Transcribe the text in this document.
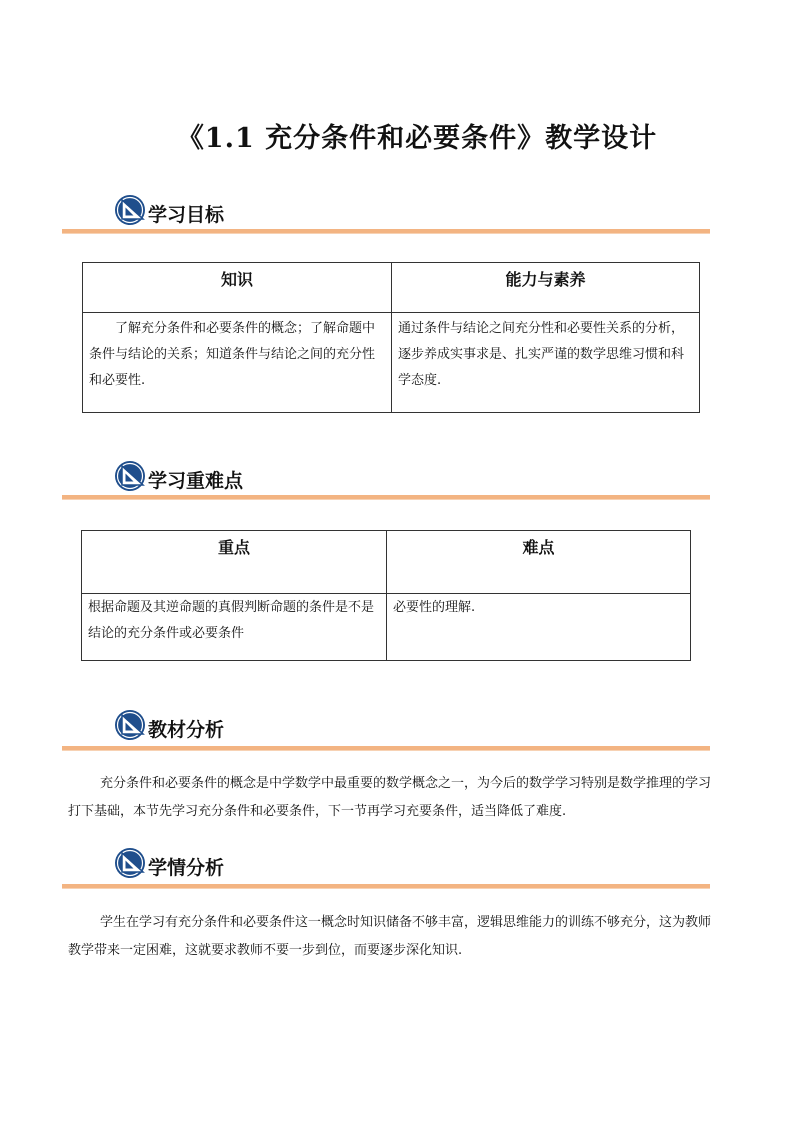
《1.1 充分条件和必要条件》教学设计
学习目标
知识	能力与素养
了解充分条件和必要条件的概念；了解命题中条件与结论的关系；知道条件与结论之间的充分性和必要性.	通过条件与结论之间充分性和必要性关系的分析，逐步养成实事求是、扎实严谨的数学思维习惯和科学态度.
学习重难点
重点	难点
根据命题及其逆命题的真假判断命题的条件是不是结论的充分条件或必要条件	必要性的理解.
教材分析
充分条件和必要条件的概念是中学数学中最重要的数学概念之一，为今后的数学学习特别是数学推理的学习打下基础，本节先学习充分条件和必要条件，下一节再学习充要条件，适当降低了难度.
学情分析
学生在学习有充分条件和必要条件这一概念时知识储备不够丰富，逻辑思维能力的训练不够充分，这为教师教学带来一定困难，这就要求教师不要一步到位，而要逐步深化知识.
